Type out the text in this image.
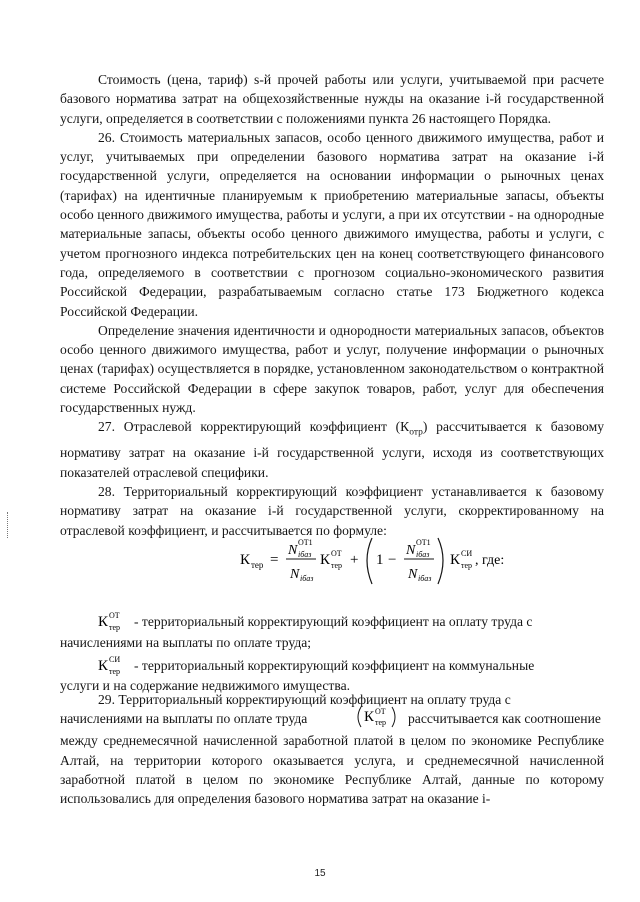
Стоимость (цена, тариф) s-й прочей работы или услуги, учитываемой при расчете базового норматива затрат на общехозяйственные нужды на оказание i-й государственной услуги, определяется в соответствии с положениями пункта 26 настоящего Порядка.

26. Стоимость материальных запасов, особо ценного движимого имущества, работ и услуг, учитываемых при определении базового норматива затрат на оказание i-й государственной услуги, определяется на основании информации о рыночных ценах (тарифах) на идентичные планируемым к приобретению материальные запасы, объекты особо ценного движимого имущества, работы и услуги, а при их отсутствии - на однородные материальные запасы, объекты особо ценного движимого имущества, работы и услуги, с учетом прогнозного индекса потребительских цен на конец соответствующего финансового года, определяемого в соответствии с прогнозом социально-экономического развития Российской Федерации, разрабатываемым согласно статье 173 Бюджетного кодекса Российской Федерации.

Определение значения идентичности и однородности материальных запасов, объектов особо ценного движимого имущества, работ и услуг, получение информации о рыночных ценах (тарифах) осуществляется в порядке, установленном законодательством о контрактной системе Российской Федерации в сфере закупок товаров, работ, услуг для обеспечения государственных нужд.

27. Отраслевой корректирующий коэффициент $(К_{отр})$ рассчитывается к базовому нормативу затрат на оказание i-й государственной услуги, исходя из соответствующих показателей отраслевой специфики.

28. Территориальный корректирующий коэффициент устанавливается к базовому нормативу затрат на оказание i-й государственной услуги, скорректированному на отраслевой коэффициент, и рассчитывается по формуле:

К тер =
N
ОТ1
iбаз
N iбаз
К ОТ
тер + 1 −
N
ОТ1
iбаз
N iбаз
К СИ
тер , где:
К ОТ
тер - территориальный корректирующий коэффициент на оплату труда с
начислениями на выплаты по оплате труда;
К СИ
тер - территориальный корректирующий коэффициент на коммунальные
услуги и на содержание недвижимого имущества.
29. Территориальный корректирующий коэффициент на оплату труда с
начислениями на выплаты по оплате труда	К ОТ
тер рассчитывается как соотношение
между среднемесячной начисленной заработной платой в целом по экономике Республике Алтай, на территории которого оказывается услуга, и среднемесячной начисленной заработной платой в целом по экономике Республике Алтай, данные по которому использовались для определения базового норматива затрат на оказание i-
15
